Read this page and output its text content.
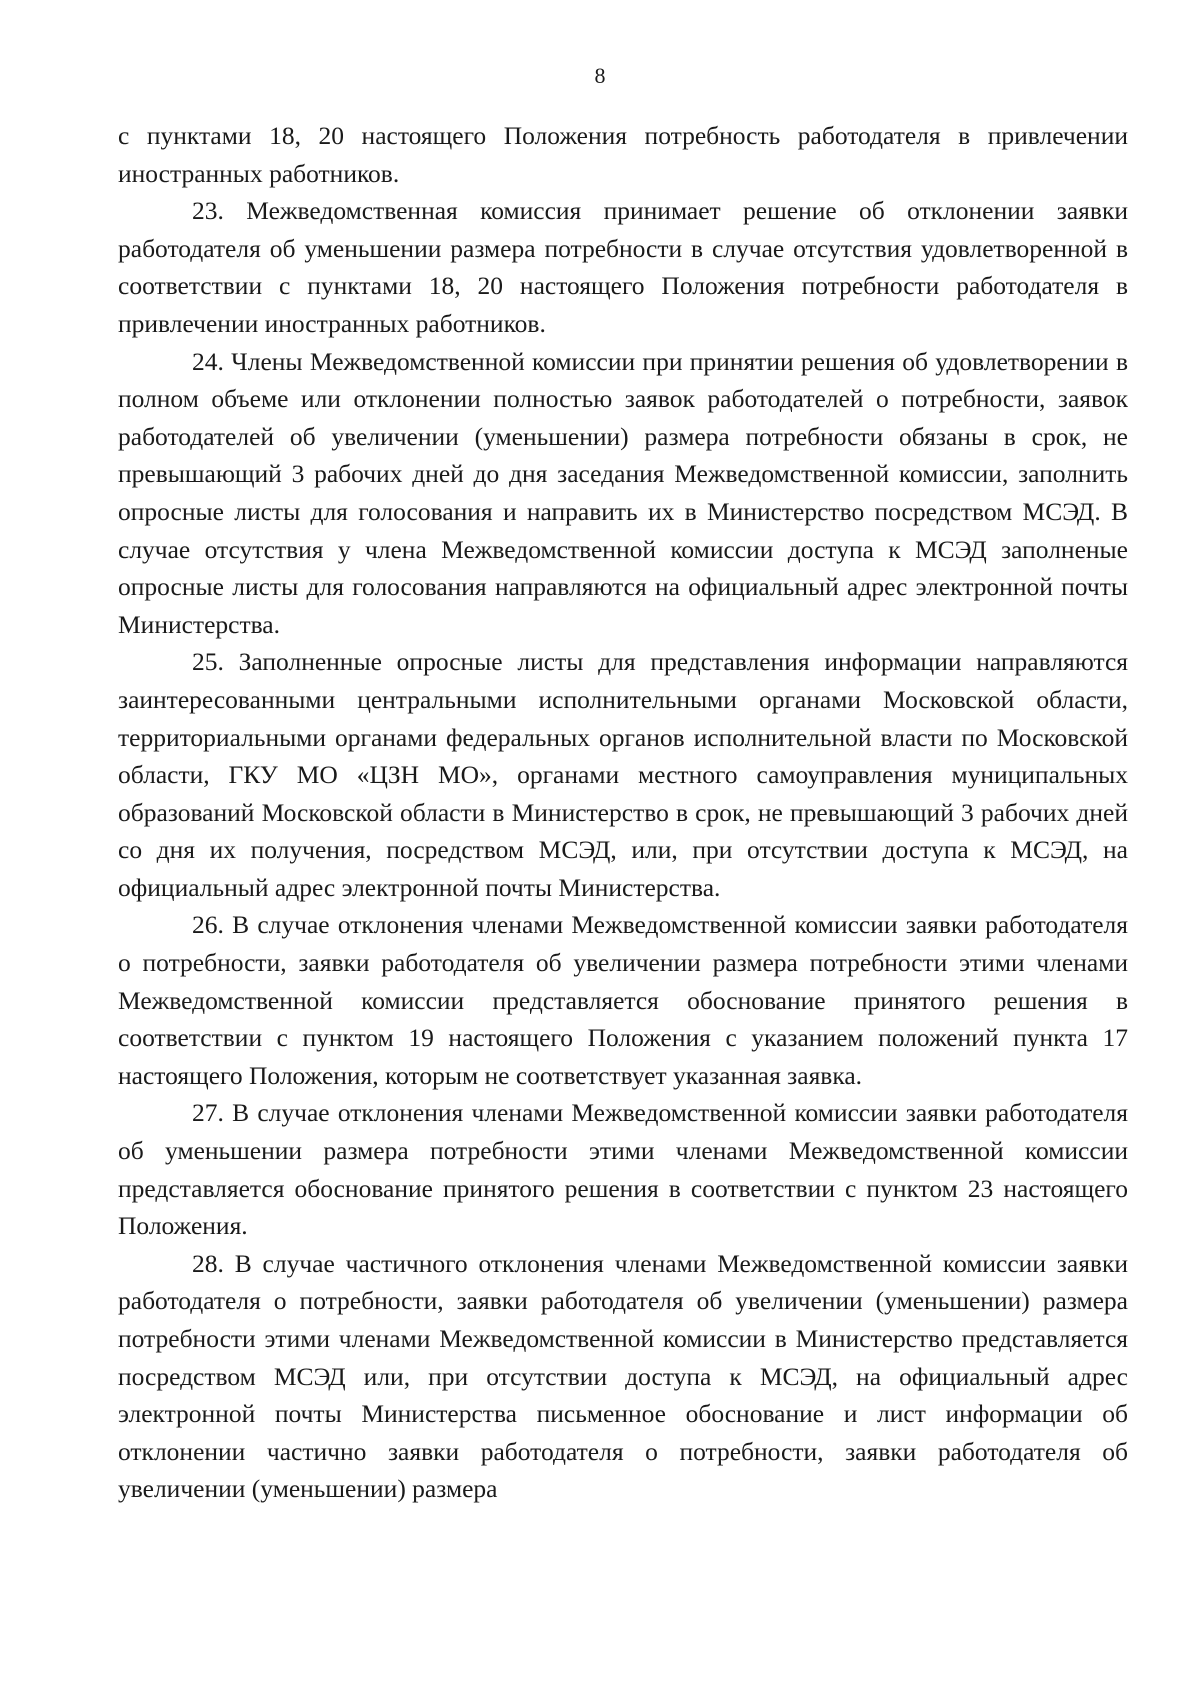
8

с пунктами 18, 20 настоящего Положения потребность работодателя в привлечении иностранных работников.

23. Межведомственная комиссия принимает решение об отклонении заявки работодателя об уменьшении размера потребности в случае отсутствия удовлетворенной в соответствии с пунктами 18, 20 настоящего Положения потребности работодателя в привлечении иностранных работников.

24. Члены Межведомственной комиссии при принятии решения об удовлетворении в полном объеме или отклонении полностью заявок работодателей о потребности, заявок работодателей об увеличении (уменьшении) размера потребности обязаны в срок, не превышающий 3 рабочих дней до дня заседания Межведомственной комиссии, заполнить опросные листы для голосования и направить их в Министерство посредством МСЭД. В случае отсутствия у члена Межведомственной комиссии доступа к МСЭД заполненые опросные листы для голосования направляются на официальный адрес электронной почты Министерства.

25. Заполненные опросные листы для представления информации направляются заинтересованными центральными исполнительными органами Московской области, территориальными органами федеральных органов исполнительной власти по Московской области, ГКУ МО «ЦЗН МО», органами местного самоуправления муниципальных образований Московской области в Министерство в срок, не превышающий 3 рабочих дней со дня их получения, посредством МСЭД, или, при отсутствии доступа к МСЭД, на официальный адрес электронной почты Министерства.

26. В случае отклонения членами Межведомственной комиссии заявки работодателя о потребности, заявки работодателя об увеличении размера потребности этими членами Межведомственной комиссии представляется обоснование принятого решения в соответствии с пунктом 19 настоящего Положения с указанием положений пункта 17 настоящего Положения, которым не соответствует указанная заявка.

27. В случае отклонения членами Межведомственной комиссии заявки работодателя об уменьшении размера потребности этими членами Межведомственной комиссии представляется обоснование принятого решения в соответствии с пунктом 23 настоящего Положения.

28. В случае частичного отклонения членами Межведомственной комиссии заявки работодателя о потребности, заявки работодателя об увеличении (уменьшении) размера потребности этими членами Межведомственной комиссии в Министерство представляется посредством МСЭД или, при отсутствии доступа к МСЭД, на официальный адрес электронной почты Министерства письменное обоснование и лист информации об отклонении частично заявки работодателя о потребности, заявки работодателя об увеличении (уменьшении) размера
